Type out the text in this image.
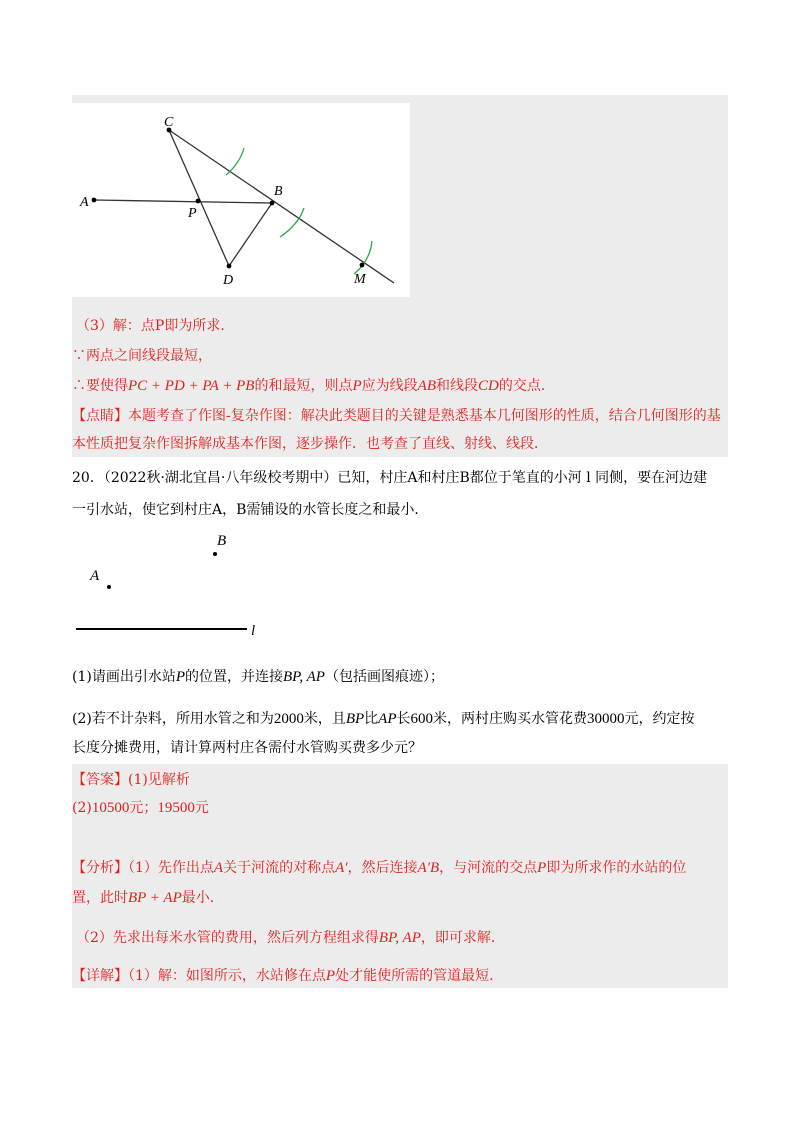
A
C
B
P
D	M
（3）解：点P即为所求．
∵两点之间线段最短，
∴要使得PC + PD + PA + PB的和最短，则点P应为线段AB和线段CD的交点．
【点睛】本题考查了作图-复杂作图：解决此类题目的关键是熟悉基本几何图形的性质，结合几何图形的基
本性质把复杂作图拆解成基本作图，逐步操作．也考查了直线、射线、线段．
20．（2022秋·湖北宜昌·八年级校考期中）已知，村庄A和村庄B都位于笔直的小河 l 同侧，要在河边建
一引水站，使它到村庄A，B需铺设的水管长度之和最小．
B
A
l
(1)请画出引水站P的位置，并连接BP, AP（包括画图痕迹）；
(2)若不计杂料，所用水管之和为2000米，且BP比AP长600米，两村庄购买水管花费30000元，约定按
长度分摊费用，请计算两村庄各需付水管购买费多少元？
【答案】(1)见解析
(2)10500元；19500元
【分析】（1）先作出点A关于河流的对称点A′，然后连接A′B，与河流的交点P即为所求作的水站的位
置，此时BP + AP最小．
（2）先求出每米水管的费用，然后列方程组求得BP, AP，即可求解．
【详解】（1）解：如图所示，水站修在点P处才能使所需的管道最短．
